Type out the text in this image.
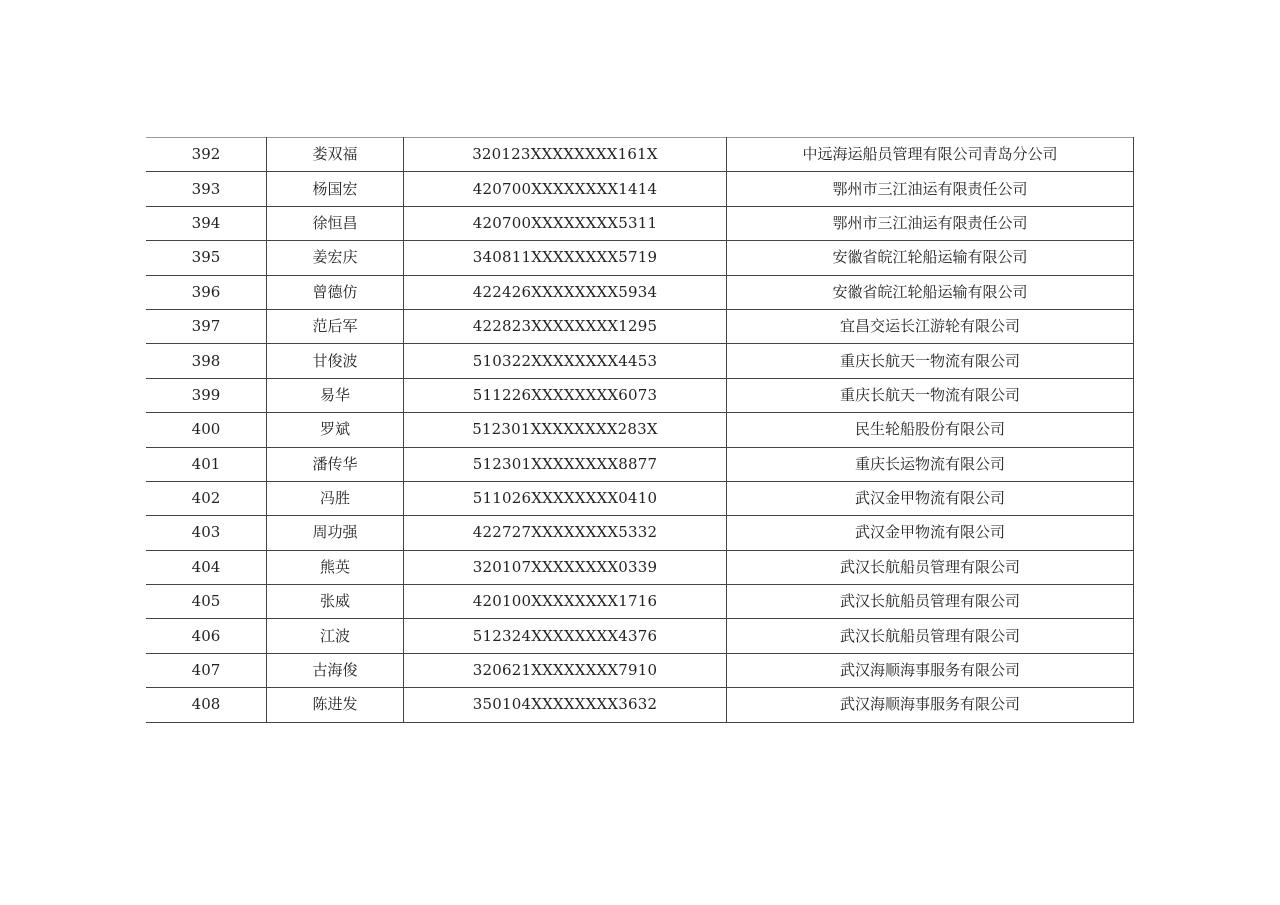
392	娄双福	320123XXXXXXXX161X	中远海运船员管理有限公司青岛分公司
393	杨国宏	420700XXXXXXXX1414	鄂州市三江油运有限责任公司
394	徐恒昌	420700XXXXXXXX5311	鄂州市三江油运有限责任公司
395	姜宏庆	340811XXXXXXXX5719	安徽省皖江轮船运输有限公司
396	曾德仿	422426XXXXXXXX5934	安徽省皖江轮船运输有限公司
397	范后军	422823XXXXXXXX1295	宜昌交运长江游轮有限公司
398	甘俊波	510322XXXXXXXX4453	重庆长航天一物流有限公司
399	易华	511226XXXXXXXX6073	重庆长航天一物流有限公司
400	罗斌	512301XXXXXXXX283X	民生轮船股份有限公司
401	潘传华	512301XXXXXXXX8877	重庆长运物流有限公司
402	冯胜	511026XXXXXXXX0410	武汉金甲物流有限公司
403	周功强	422727XXXXXXXX5332	武汉金甲物流有限公司
404	熊英	320107XXXXXXXX0339	武汉长航船员管理有限公司
405	张威	420100XXXXXXXX1716	武汉长航船员管理有限公司
406	江波	512324XXXXXXXX4376	武汉长航船员管理有限公司
407	古海俊	320621XXXXXXXX7910	武汉海顺海事服务有限公司
408	陈进发	350104XXXXXXXX3632	武汉海顺海事服务有限公司
